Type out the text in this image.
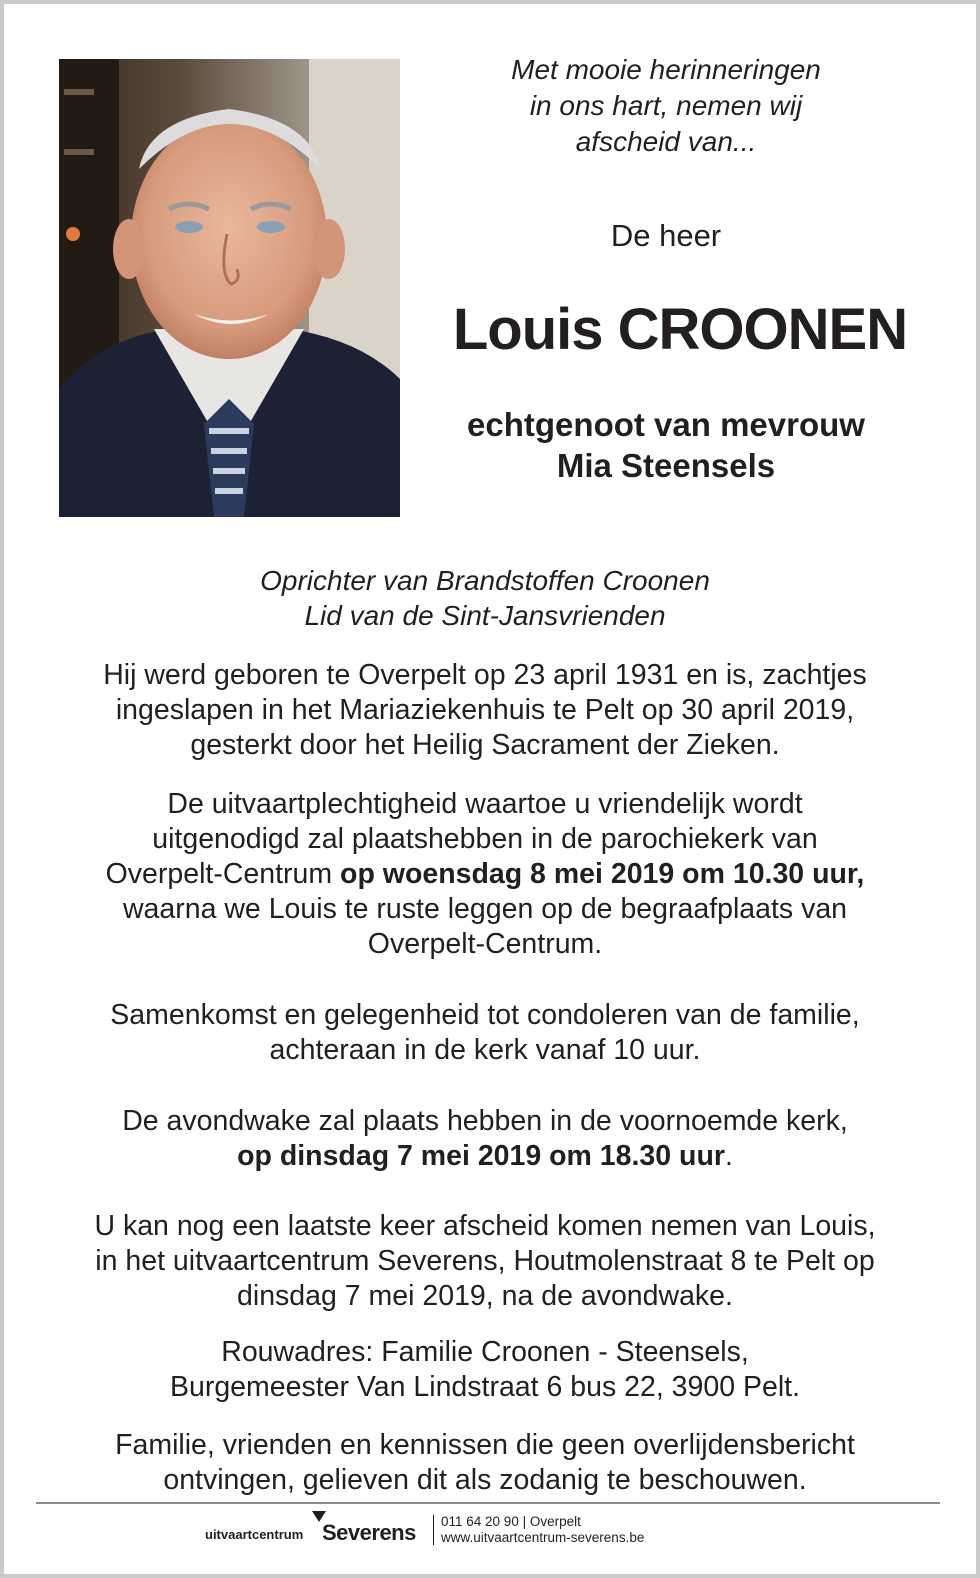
Met mooie herinneringen
in ons hart, nemen wij
afscheid van...
De heer
Louis CROONEN
echtgenoot van mevrouw
Mia Steensels
Oprichter van Brandstoffen Croonen
Lid van de Sint-Jansvrienden
Hij werd geboren te Overpelt op 23 april 1931 en is, zachtjes
ingeslapen in het Mariaziekenhuis te Pelt op 30 april 2019,
gesterkt door het Heilig Sacrament der Zieken.
De uitvaartplechtigheid waartoe u vriendelijk wordt
uitgenodigd zal plaatshebben in de parochiekerk van
Overpelt-Centrum op woensdag 8 mei 2019 om 10.30 uur,
waarna we Louis te ruste leggen op de begraafplaats van
Overpelt-Centrum.
Samenkomst en gelegenheid tot condoleren van de familie,
achteraan in de kerk vanaf 10 uur.
De avondwake zal plaats hebben in de voornoemde kerk,
op dinsdag 7 mei 2019 om 18.30 uur.
U kan nog een laatste keer afscheid komen nemen van Louis,
in het uitvaartcentrum Severens, Houtmolenstraat 8 te Pelt op
dinsdag 7 mei 2019, na de avondwake.
Rouwadres: Familie Croonen - Steensels,
Burgemeester Van Lindstraat 6 bus 22, 3900 Pelt.
Familie, vrienden en kennissen die geen overlijdensbericht
ontvingen, gelieven dit als zodanig te beschouwen.
uitvaartcentrum Severens 011 64 20 90 | Overpelt
www.uitvaartcentrum-severens.be
